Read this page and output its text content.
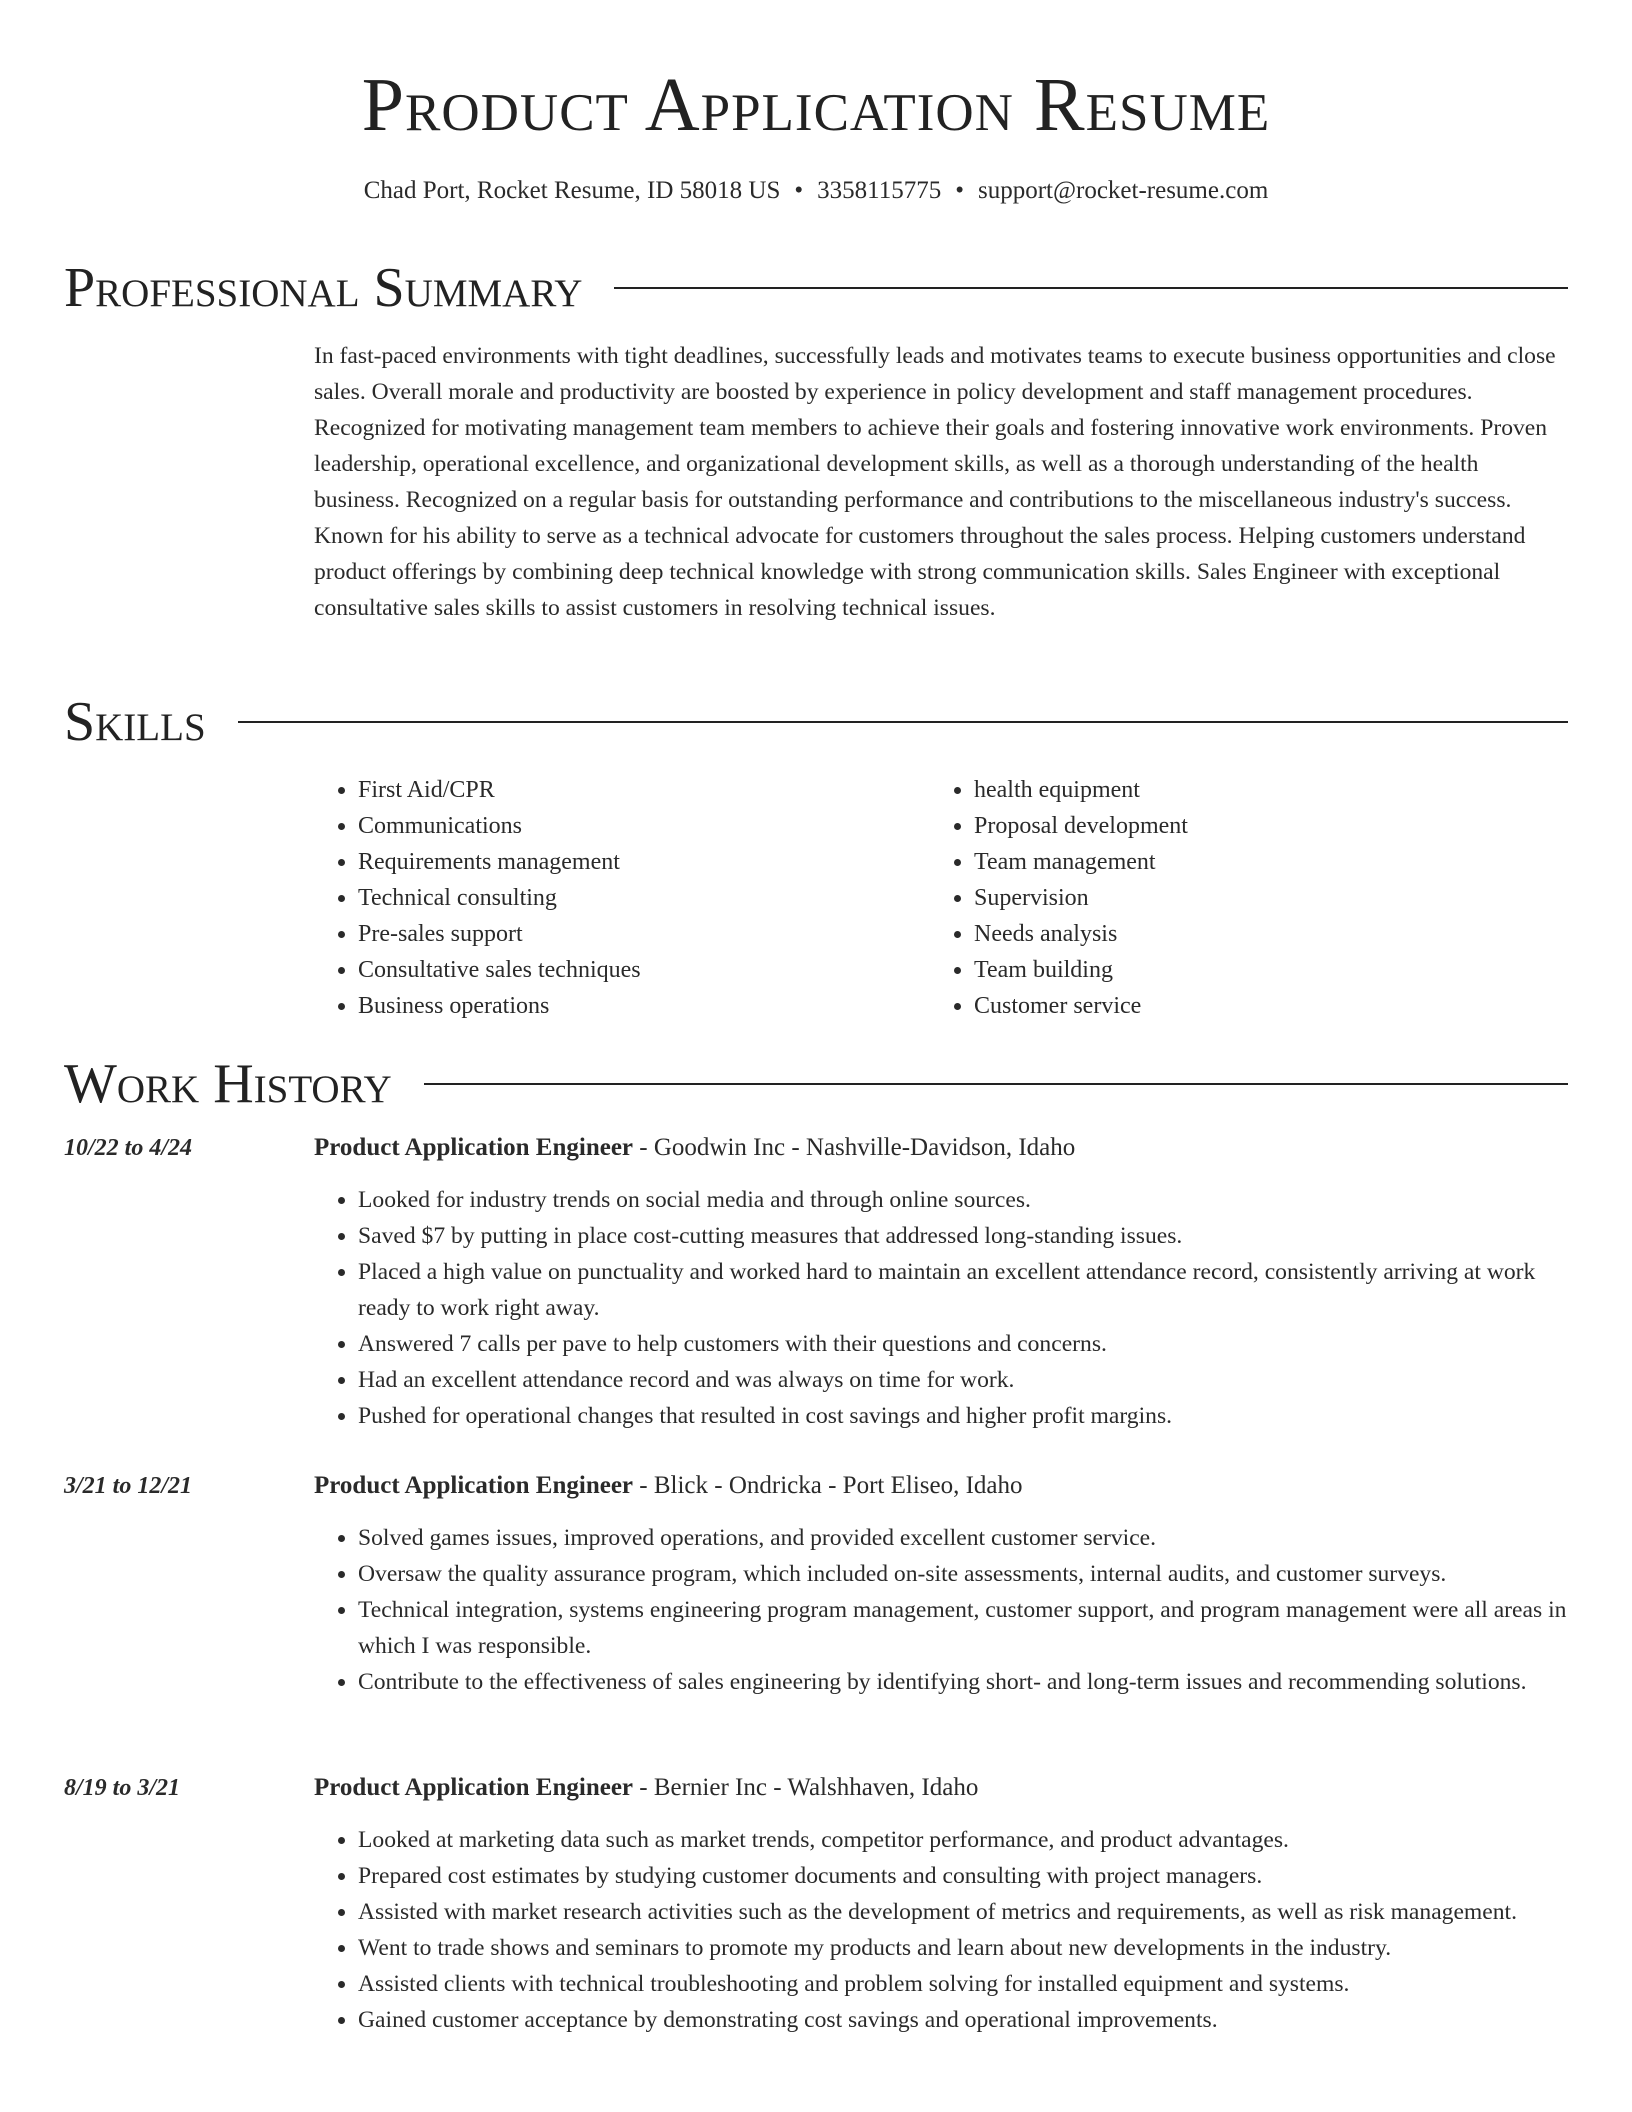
Product Application Resume
Chad Port, Rocket Resume, ID 58018 US • 3358115775 • support@rocket-resume.com
Professional Summary

In fast-paced environments with tight deadlines, successfully leads and motivates teams to execute business opportunities and close sales. Overall morale and productivity are boosted by experience in policy development and staff management procedures. Recognized for motivating management team members to achieve their goals and fostering innovative work environments. Proven leadership, operational excellence, and organizational development skills, as well as a thorough understanding of the health business. Recognized on a regular basis for outstanding performance and contributions to the miscellaneous industry's success. Known for his ability to serve as a technical advocate for customers throughout the sales process. Helping customers understand product offerings by combining deep technical knowledge with strong communication skills. Sales Engineer with exceptional consultative sales skills to assist customers in resolving technical issues.

Skills
• First Aid/CPR
• Communications
• Requirements management
• Technical consulting
• Pre-sales support
• Consultative sales techniques
• Business operations
• health equipment
• Proposal development
• Team management
• Supervision
• Needs analysis
• Team building
• Customer service
Work History
10/22 to 4/24	Product Application Engineer - Goodwin Inc - Nashville-Davidson, Idaho
• Looked for industry trends on social media and through online sources.
• Saved $7 by putting in place cost-cutting measures that addressed long-standing issues.
• Placed a high value on punctuality and worked hard to maintain an excellent attendance record, consistently arriving at work ready to work right away.
• Answered 7 calls per pave to help customers with their questions and concerns.
• Had an excellent attendance record and was always on time for work.
• Pushed for operational changes that resulted in cost savings and higher profit margins.
3/21 to 12/21	Product Application Engineer - Blick - Ondricka - Port Eliseo, Idaho
• Solved games issues, improved operations, and provided excellent customer service.
• Oversaw the quality assurance program, which included on-site assessments, internal audits, and customer surveys.
• Technical integration, systems engineering program management, customer support, and program management were all areas in which I was responsible.
• Contribute to the effectiveness of sales engineering by identifying short- and long-term issues and recommending solutions.
8/19 to 3/21	Product Application Engineer - Bernier Inc - Walshhaven, Idaho
• Looked at marketing data such as market trends, competitor performance, and product advantages.
• Prepared cost estimates by studying customer documents and consulting with project managers.
• Assisted with market research activities such as the development of metrics and requirements, as well as risk management.
• Went to trade shows and seminars to promote my products and learn about new developments in the industry.
• Assisted clients with technical troubleshooting and problem solving for installed equipment and systems.
• Gained customer acceptance by demonstrating cost savings and operational improvements.
